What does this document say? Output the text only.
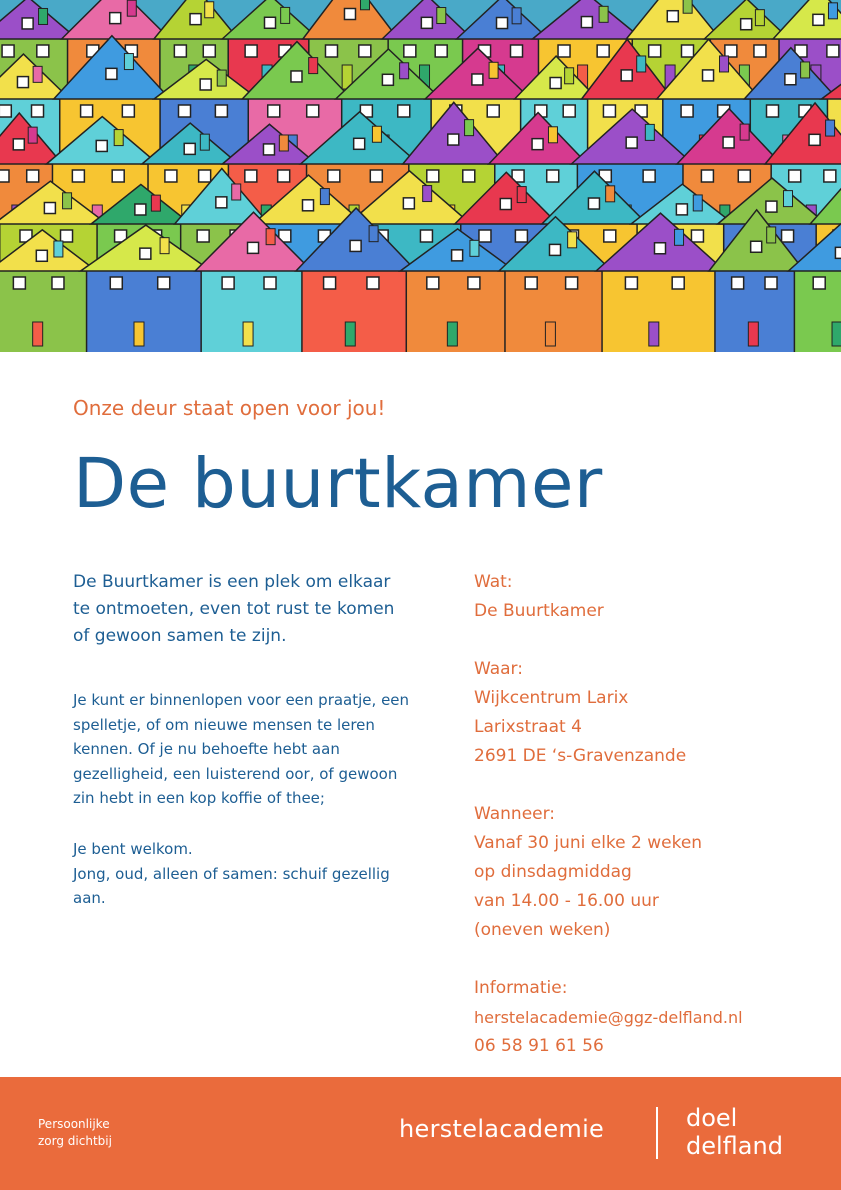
Onze deur staat open voor jou!
De buurtkamer
De Buurtkamer is een plek om elkaar
te ontmoeten, even tot rust te komen
of gewoon samen te zijn.
Je kunt er binnenlopen voor een praatje, een
spelletje, of om nieuwe mensen te leren
kennen. Of je nu behoefte hebt aan
gezelligheid, een luisterend oor, of gewoon
zin hebt in een kop koffie of thee;
Je bent welkom.
Jong, oud, alleen of samen: schuif gezellig
aan.
Wat:
De Buurtkamer
Waar:
Wijkcentrum Larix
Larixstraat 4
2691 DE ‘s-Gravenzande
Wanneer:
Vanaf 30 juni elke 2 weken
op dinsdagmiddag
van 14.00 - 16.00 uur
(oneven weken)
Informatie:
herstelacademie@ggz-delfland.nl
06 58 91 61 56
Persoonlijke
zorg dichtbij	herstelacademie	doel
delfland
